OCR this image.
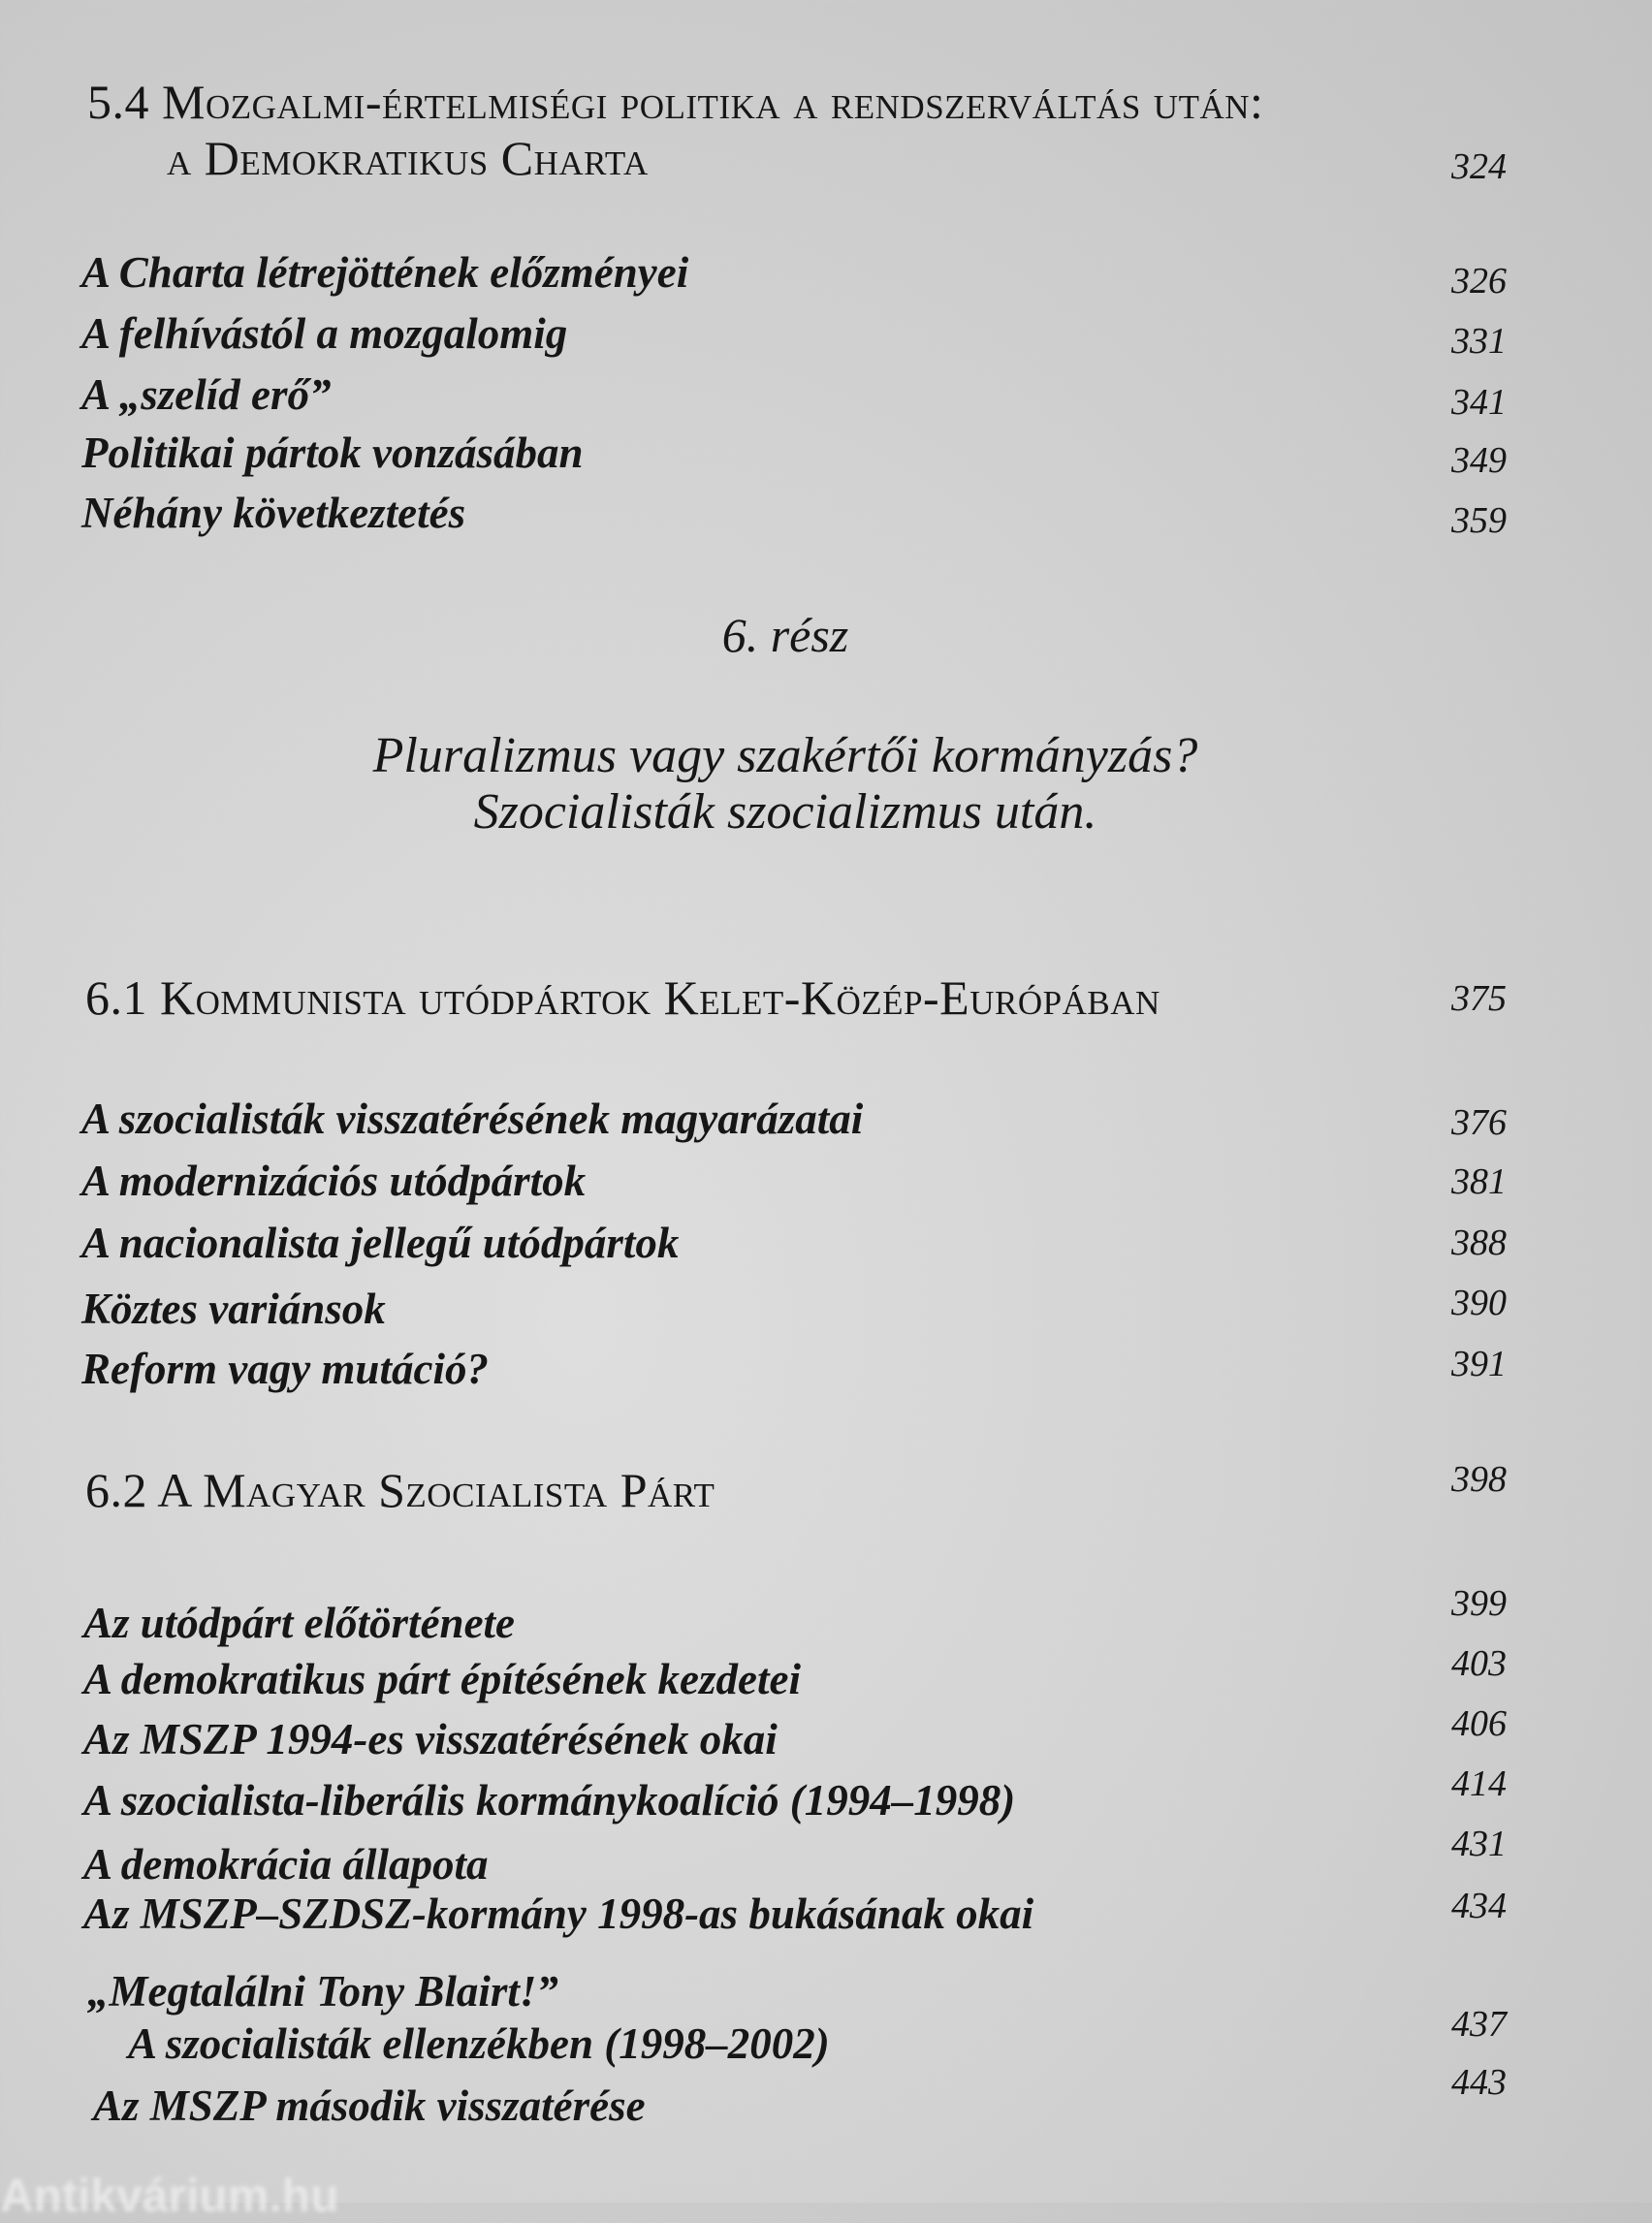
5.4 Mozgalmi-értelmiségi politika a rendszerváltás után:
a Demokratikus Charta	324
A Charta létrejöttének előzményei	326
A felhívástól a mozgalomig	331
A „szelíd erő”	341
Politikai pártok vonzásában	349
Néhány következtetés	359
6. rész
Pluralizmus vagy szakértői kormányzás?
Szocialisták szocializmus után.
6.1 Kommunista utódpártok Kelet-Közép-Európában	375
A szocialisták visszatérésének magyarázatai	376
A modernizációs utódpártok	381
A nacionalista jellegű utódpártok	388
Köztes variánsok	390
Reform vagy mutáció?	391
6.2 A Magyar Szocialista Párt	398
Az utódpárt előtörténete	399
A demokratikus párt építésének kezdetei	403
Az MSZP 1994-es visszatérésének okai	406
A szocialista-liberális kormánykoalíció (1994–1998)	414
A demokrácia állapota	431
Az MSZP–SZDSZ-kormány 1998-as bukásának okai	434
„Megtalálni Tony Blairt!”
A szocialisták ellenzékben (1998–2002)	437
Az MSZP második visszatérése	443
Antikvárium.hu
